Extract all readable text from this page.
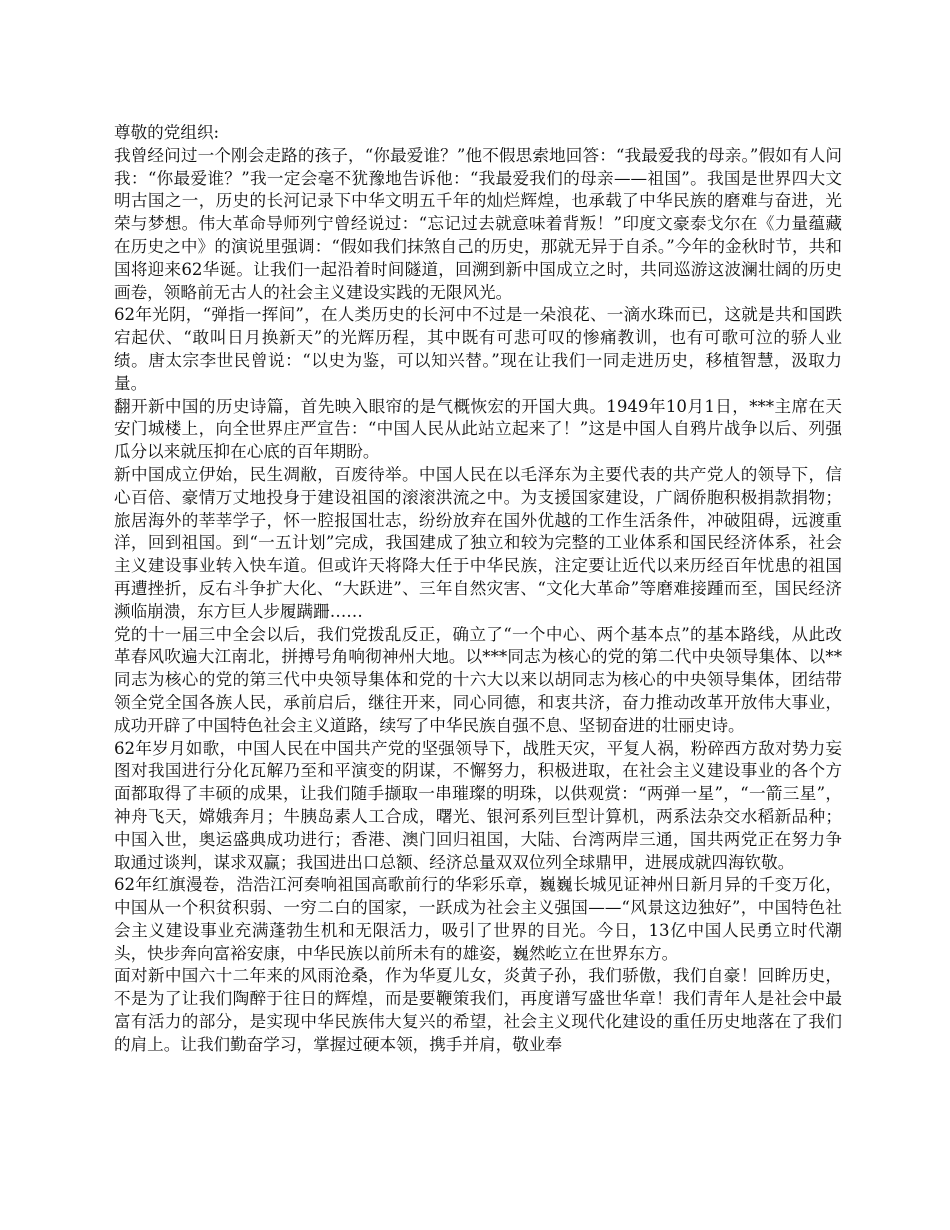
尊敬的党组织:

我曾经问过一个刚会走路的孩子，“你最爱谁？”他不假思索地回答：“我最爱我的母亲。”假如有人问我：“你最爱谁？”我一定会毫不犹豫地告诉他：“我最爱我们的母亲——祖国”。我国是世界四大文明古国之一，历史的长河记录下中华文明五千年的灿烂辉煌，也承载了中华民族的磨难与奋进，光荣与梦想。伟大革命导师列宁曾经说过：“忘记过去就意味着背叛！”印度文豪泰戈尔在《力量蕴藏在历史之中》的演说里强调：“假如我们抹煞自己的历史，那就无异于自杀。”今年的金秋时节，共和国将迎来62华诞。让我们一起沿着时间隧道，回溯到新中国成立之时，共同巡游这波澜壮阔的历史画卷，领略前无古人的社会主义建设实践的无限风光。

62年光阴，“弹指一挥间”，在人类历史的长河中不过是一朵浪花、一滴水珠而已，这就是共和国跌宕起伏、“敢叫日月换新天”的光辉历程，其中既有可悲可叹的惨痛教训，也有可歌可泣的骄人业绩。唐太宗李世民曾说：“以史为鉴，可以知兴替。”现在让我们一同走进历史，移植智慧，汲取力量。

翻开新中国的历史诗篇，首先映入眼帘的是气概恢宏的开国大典。1949年10月1日，***主席在天安门城楼上，向全世界庄严宣告：“中国人民从此站立起来了！”这是中国人自鸦片战争以后、列强瓜分以来就压抑在心底的百年期盼。

新中国成立伊始，民生凋敝，百废待举。中国人民在以毛泽东为主要代表的共产党人的领导下，信心百倍、豪情万丈地投身于建设祖国的滚滚洪流之中。为支援国家建设，广阔侨胞积极捐款捐物；旅居海外的莘莘学子，怀一腔报国壮志，纷纷放弃在国外优越的工作生活条件，冲破阻碍，远渡重洋，回到祖国。到“一五计划”完成，我国建成了独立和较为完整的工业体系和国民经济体系，社会主义建设事业转入快车道。但或许天将降大任于中华民族，注定要让近代以来历经百年忧患的祖国再遭挫折，反右斗争扩大化、“大跃进”、三年自然灾害、“文化大革命”等磨难接踵而至，国民经济濒临崩溃，东方巨人步履蹒跚……

党的十一届三中全会以后，我们党拨乱反正，确立了“一个中心、两个基本点”的基本路线，从此改革春风吹遍大江南北，拼搏号角响彻神州大地。以***同志为核心的党的第二代中央领导集体、以**同志为核心的党的第三代中央领导集体和党的十六大以来以胡同志为核心的中央领导集体，团结带领全党全国各族人民，承前启后，继往开来，同心同德，和衷共济，奋力推动改革开放伟大事业，成功开辟了中国特色社会主义道路，续写了中华民族自强不息、坚韧奋进的壮丽史诗。

62年岁月如歌，中国人民在中国共产党的坚强领导下，战胜天灾，平复人祸，粉碎西方敌对势力妄图对我国进行分化瓦解乃至和平演变的阴谋，不懈努力，积极进取，在社会主义建设事业的各个方面都取得了丰硕的成果，让我们随手撷取一串璀璨的明珠，以供观赏：“两弹一星”，“一箭三星”，神舟飞天，嫦娥奔月；牛胰岛素人工合成，曙光、银河系列巨型计算机，两系法杂交水稻新品种；中国入世，奥运盛典成功进行；香港、澳门回归祖国，大陆、台湾两岸三通，国共两党正在努力争取通过谈判，谋求双赢；我国进出口总额、经济总量双双位列全球鼎甲，进展成就四海钦敬。

62年红旗漫卷，浩浩江河奏响祖国高歌前行的华彩乐章，巍巍长城见证神州日新月异的千变万化，中国从一个积贫积弱、一穷二白的国家，一跃成为社会主义强国——“风景这边独好”，中国特色社会主义建设事业充满蓬勃生机和无限活力，吸引了世界的目光。今日，13亿中国人民勇立时代潮头，快步奔向富裕安康，中华民族以前所未有的雄姿，巍然屹立在世界东方。

面对新中国六十二年来的风雨沧桑，作为华夏儿女，炎黄子孙，我们骄傲，我们自豪！回眸历史，不是为了让我们陶醉于往日的辉煌，而是要鞭策我们，再度谱写盛世华章！我们青年人是社会中最富有活力的部分，是实现中华民族伟大复兴的希望，社会主义现代化建设的重任历史地落在了我们的肩上。让我们勤奋学习，掌握过硬本领，携手并肩，敬业奉
